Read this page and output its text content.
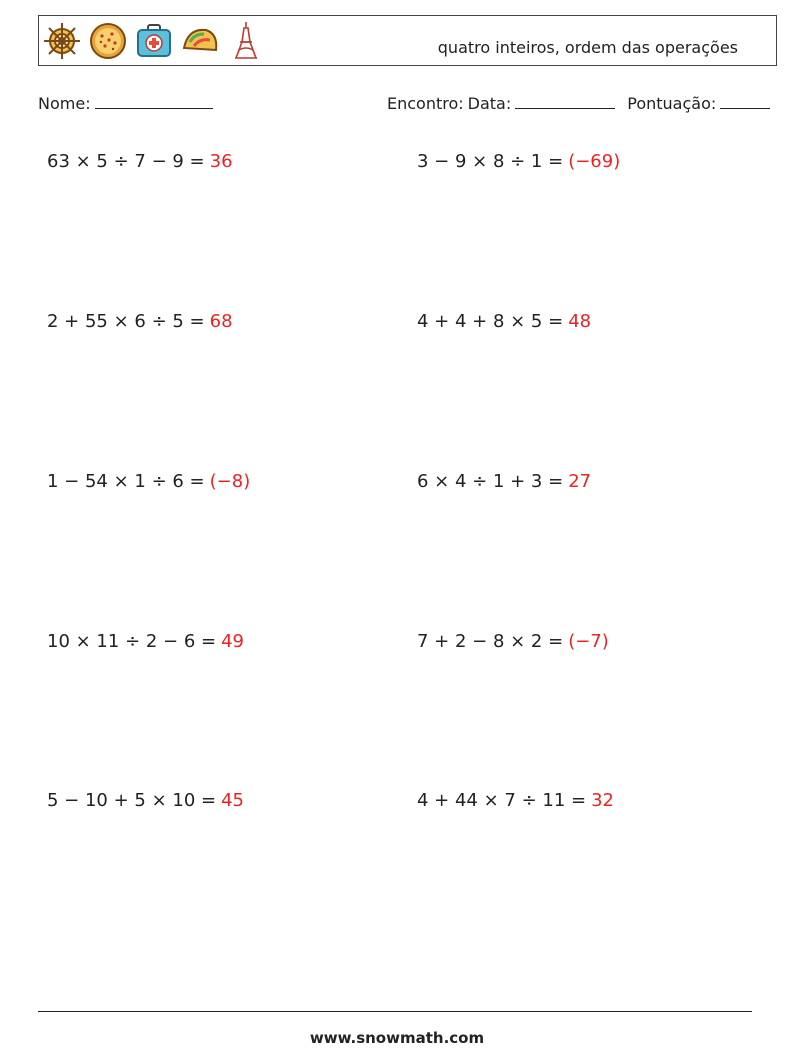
quatro inteiros, ordem das operações
Nome:	Encontro: Data:	Pontuação:
63 × 5 ÷ 7 − 9 = 36	3 − 9 × 8 ÷ 1 = (−69)
2 + 55 × 6 ÷ 5 = 68	4 + 4 + 8 × 5 = 48
1 − 54 × 1 ÷ 6 = (−8)	6 × 4 ÷ 1 + 3 = 27
10 × 11 ÷ 2 − 6 = 49	7 + 2 − 8 × 2 = (−7)
5 − 10 + 5 × 10 = 45	4 + 44 × 7 ÷ 11 = 32
www.snowmath.com
